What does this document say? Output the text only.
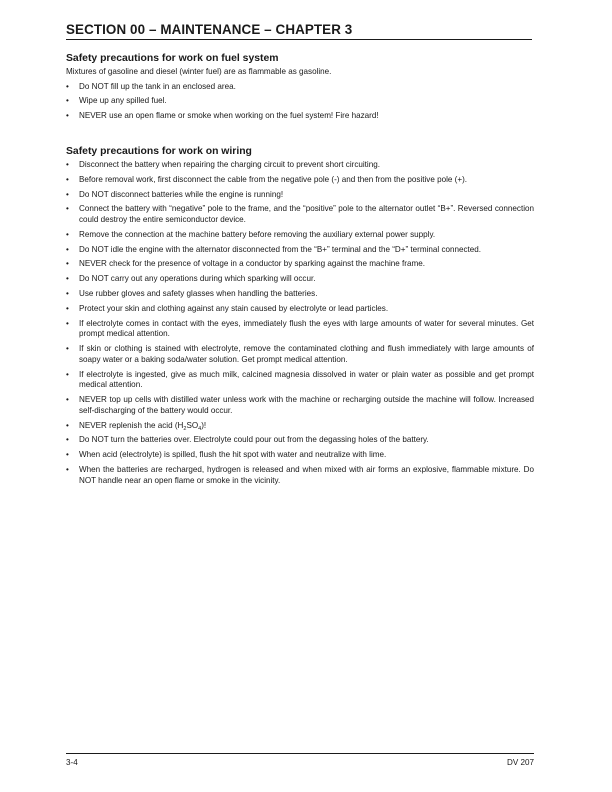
SECTION 00 – MAINTENANCE – CHAPTER 3
Safety precautions for work on fuel system
Mixtures of gasoline and diesel (winter fuel) are as flammable as gasoline.
• Do NOT fill up the tank in an enclosed area.
• Wipe up any spilled fuel.
• NEVER use an open flame or smoke when working on the fuel system! Fire hazard!
Safety precautions for work on wiring
• Disconnect the battery when repairing the charging circuit to prevent short circuiting.
• Before removal work, first disconnect the cable from the negative pole (-) and then from the positive pole (+).
• Do NOT disconnect batteries while the engine is running!
• Connect the battery with “negative” pole to the frame, and the “positive” pole to the alternator outlet “B+”. Reversed connection could destroy the entire semiconductor device.
• Remove the connection at the machine battery before removing the auxiliary external power supply.
• Do NOT idle the engine with the alternator disconnected from the “B+” terminal and the “D+” terminal connected.
• NEVER check for the presence of voltage in a conductor by sparking against the machine frame.
• Do NOT carry out any operations during which sparking will occur.
• Use rubber gloves and safety glasses when handling the batteries.
• Protect your skin and clothing against any stain caused by electrolyte or lead particles.
• If electrolyte comes in contact with the eyes, immediately flush the eyes with large amounts of water for several minutes. Get prompt medical attention.
• If skin or clothing is stained with electrolyte, remove the contaminated clothing and flush immediately with large amounts of soapy water or a baking soda/water solution. Get prompt medical attention.
• If electrolyte is ingested, give as much milk, calcined magnesia dissolved in water or plain water as possible and get prompt medical attention.
• NEVER top up cells with distilled water unless work with the machine or recharging outside the machine will follow. Increased self-discharging of the battery would occur.
• NEVER replenish the acid $(H_2SO_4)$!
• Do NOT turn the batteries over. Electrolyte could pour out from the degassing holes of the battery.
• When acid (electrolyte) is spilled, flush the hit spot with water and neutralize with lime.
• When the batteries are recharged, hydrogen is released and when mixed with air forms an explosive, flammable mixture. Do NOT handle near an open flame or smoke in the vicinity.
3-4	DV 207
